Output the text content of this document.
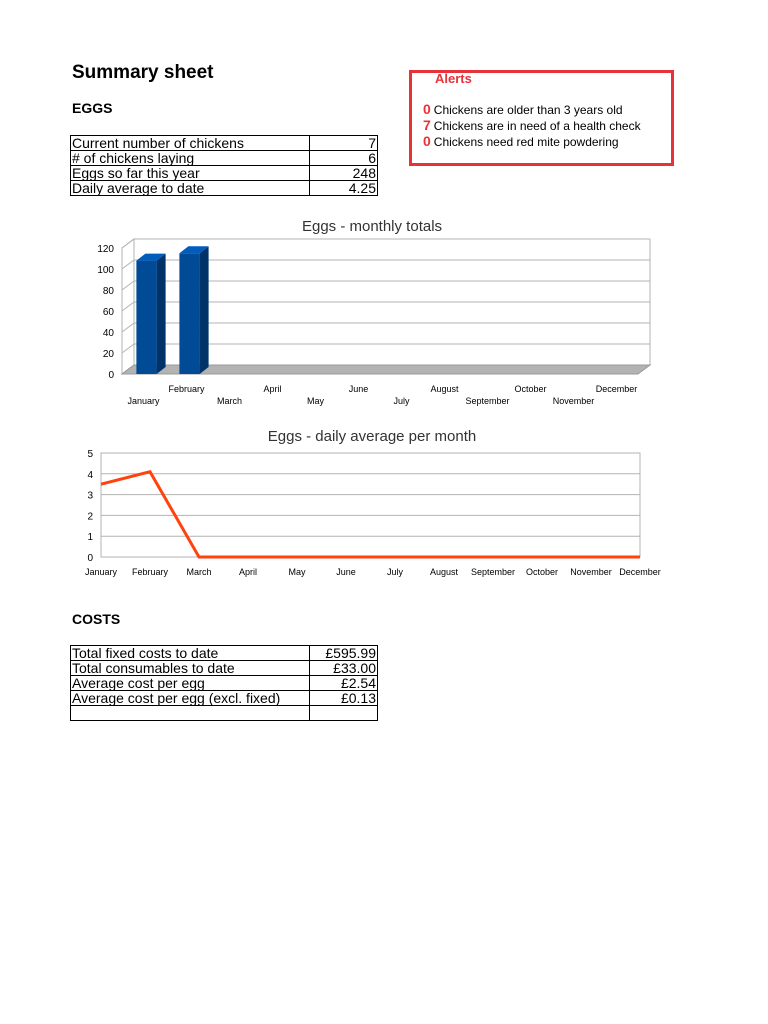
Summary sheet
EGGS
Current number of chickens	7
# of chickens laying	6
Eggs so far this year	248
Daily average to date	4.25
Alerts
0 Chickens are older than 3 years old
7 Chickens are in need of a health check
0 Chickens need red mite powdering
Eggs - monthly totals
0
20
40
60
80
100
120
January
February
March
April
May
June
July
August
September
October
November
December
Eggs - daily average per month
0
1
2
3
4
5
January February March	April	May	June	July	August September October November December
COSTS
Total fixed costs to date	£595.99
Total consumables to date	£33.00
Average cost per egg	£2.54
Average cost per egg (excl. fixed)	£0.13
